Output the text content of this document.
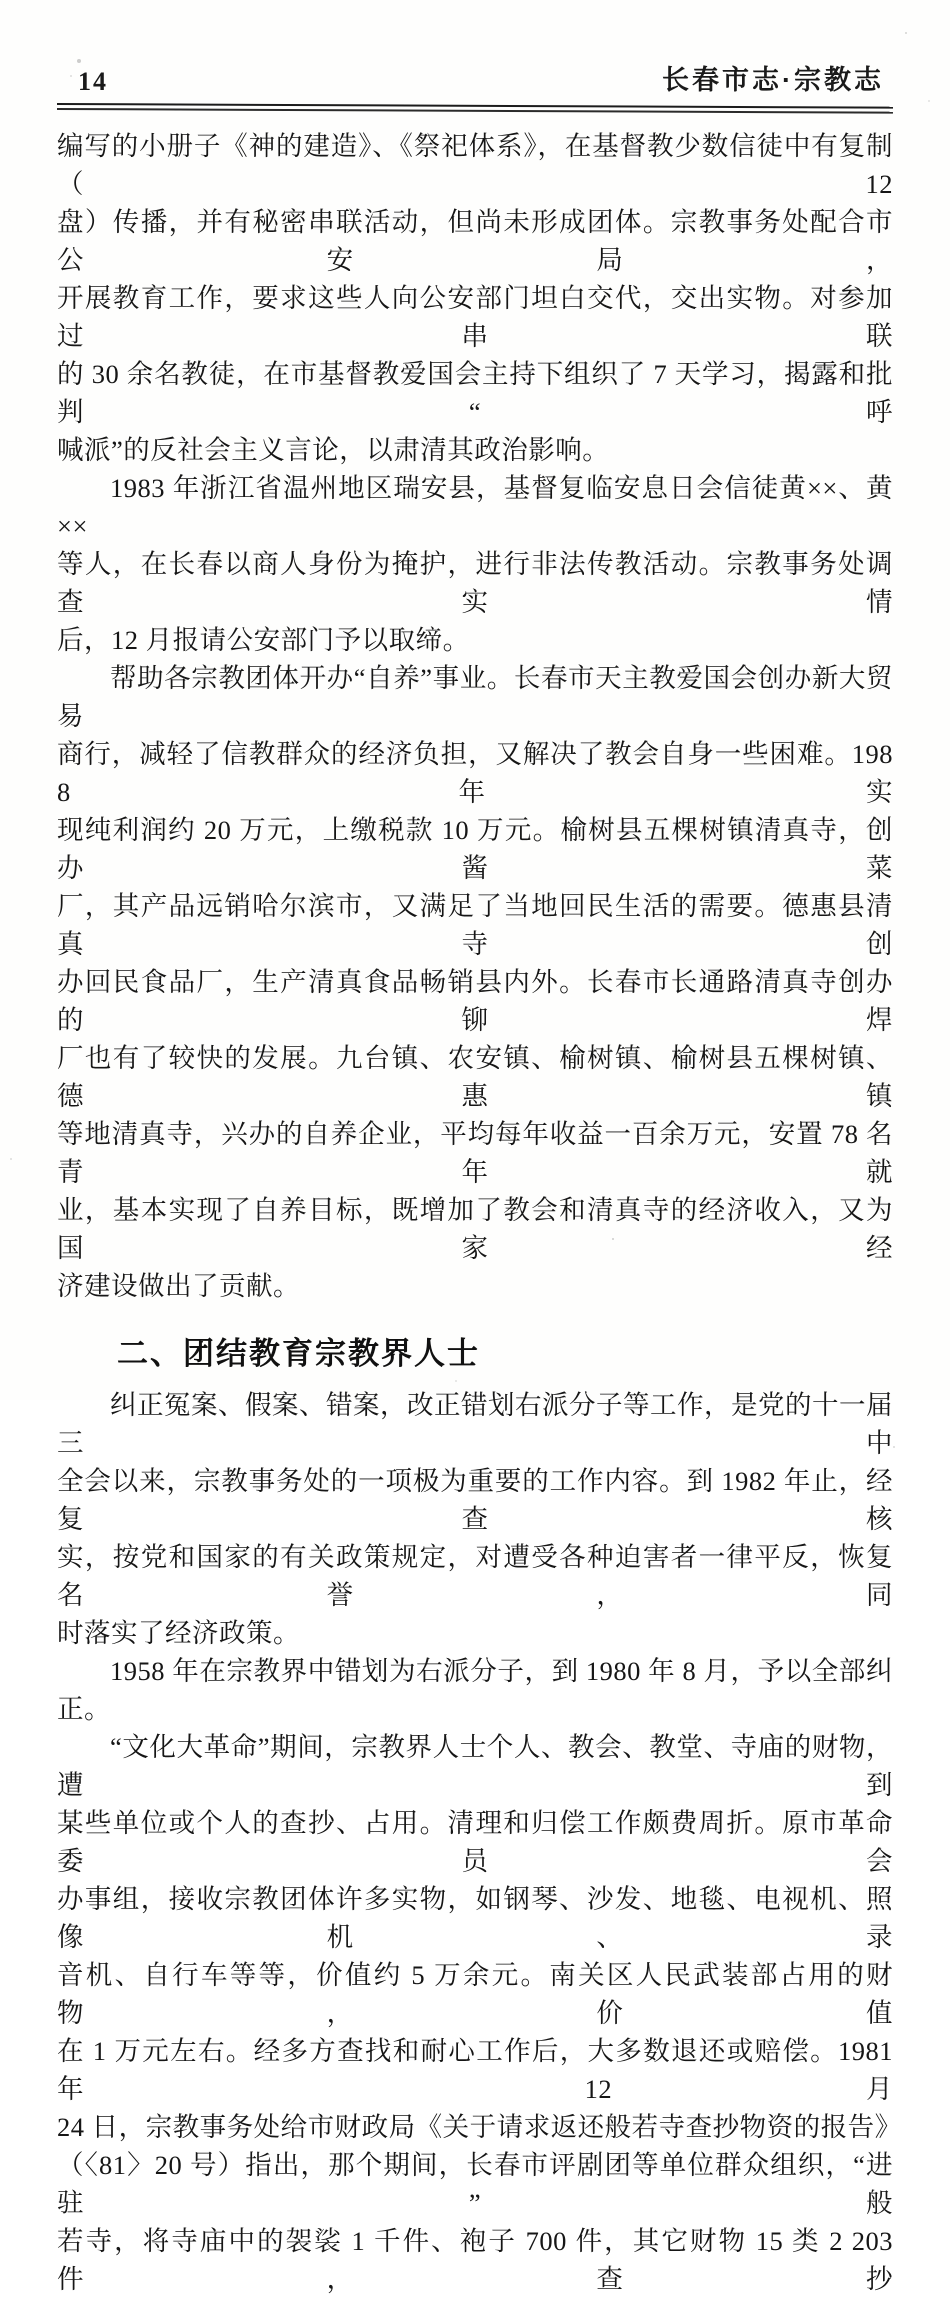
14	长春市志·宗教志
编写的小册子《神的建造》、《祭祀体系》，在基督教少数信徒中有复制（12
盘）传播，并有秘密串联活动，但尚未形成团体。宗教事务处配合市公安局，
开展教育工作，要求这些人向公安部门坦白交代，交出实物。对参加过串联
的 30 余名教徒，在市基督教爱国会主持下组织了 7 天学习，揭露和批判“呼
喊派”的反社会主义言论，以肃清其政治影响。
1983 年浙江省温州地区瑞安县，基督复临安息日会信徒黄××、黄××
等人，在长春以商人身份为掩护，进行非法传教活动。宗教事务处调查实情
后，12 月报请公安部门予以取缔。
帮助各宗教团体开办“自养”事业。长春市天主教爱国会创办新大贸易
商行，减轻了信教群众的经济负担，又解决了教会自身一些困难。1988 年实
现纯利润约 20 万元，上缴税款 10 万元。榆树县五棵树镇清真寺，创办酱菜
厂，其产品远销哈尔滨市，又满足了当地回民生活的需要。德惠县清真寺创
办回民食品厂，生产清真食品畅销县内外。长春市长通路清真寺创办的铆焊
厂也有了较快的发展。九台镇、农安镇、榆树镇、榆树县五棵树镇、德惠镇
等地清真寺，兴办的自养企业，平均每年收益一百余万元，安置 78 名青年就
业，基本实现了自养目标，既增加了教会和清真寺的经济收入，又为国家经
济建设做出了贡献。
二、团结教育宗教界人士
纠正冤案、假案、错案，改正错划右派分子等工作，是党的十一届三中
全会以来，宗教事务处的一项极为重要的工作内容。到 1982 年止，经复查核
实，按党和国家的有关政策规定，对遭受各种迫害者一律平反，恢复名誉，同
时落实了经济政策。
1958 年在宗教界中错划为右派分子，到 1980 年 8 月，予以全部纠正。
“文化大革命”期间，宗教界人士个人、教会、教堂、寺庙的财物，遭到
某些单位或个人的查抄、占用。清理和归偿工作颇费周折。原市革命委员会
办事组，接收宗教团体许多实物，如钢琴、沙发、地毯、电视机、照像机、录
音机、自行车等等，价值约 5 万余元。南关区人民武装部占用的财物，价值
在 1 万元左右。经多方查找和耐心工作后，大多数退还或赔偿。1981 年 12 月
24 日，宗教事务处给市财政局《关于请求返还般若寺查抄物资的报告》
（〈81〉20 号）指出，那个期间，长春市评剧团等单位群众组织，“进驻”般
若寺，将寺庙中的袈裟 1 千件、袍子 700 件，其它财物 15 类 2 203 件，查抄
